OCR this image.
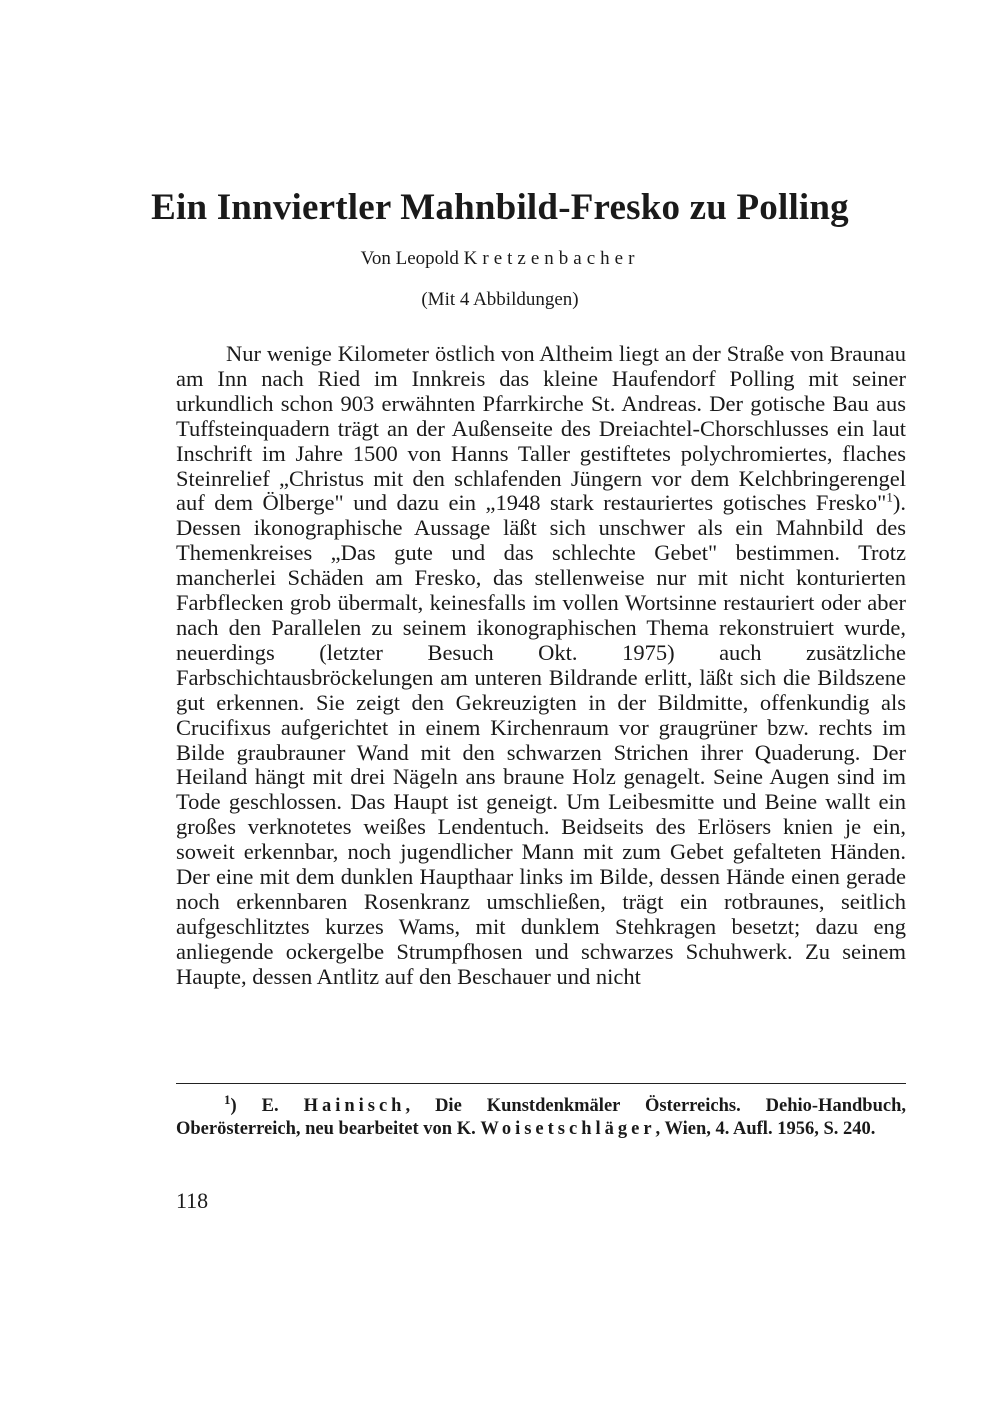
Ein Innviertler Mahnbild-Fresko zu Polling
Von Leopold Kretzenbacher
(Mit 4 Abbildungen)

Nur wenige Kilometer östlich von Altheim liegt an der Straße von Braunau am Inn nach Ried im Innkreis das kleine Haufendorf Polling mit seiner urkundlich schon 903 erwähnten Pfarrkirche St. Andreas. Der gotische Bau aus Tuffsteinquadern trägt an der Außenseite des Dreiachtel-Chorschlusses ein laut Inschrift im Jahre 1500 von Hanns Taller gestiftetes polychromiertes, flaches Steinrelief „Christus mit den schlafenden Jüngern vor dem Kelchbringerengel auf dem Ölberge" und dazu ein „1948 stark restauriertes gotisches Fresko"$^1$). Dessen ikonographische Aussage läßt sich unschwer als ein Mahnbild des Themenkreises „Das gute und das schlechte Gebet" bestimmen. Trotz mancherlei Schäden am Fresko, das stellenweise nur mit nicht konturierten Farbflecken grob übermalt, keinesfalls im vollen Wortsinne restauriert oder aber nach den Parallelen zu seinem ikonographischen Thema rekonstruiert wurde, neuerdings (letzter Besuch Okt. 1975) auch zusätzliche Farbschichtausbröckelungen am unteren Bildrande erlitt, läßt sich die Bildszene gut erkennen. Sie zeigt den Gekreuzigten in der Bildmitte, offenkundig als Crucifixus aufgerichtet in einem Kirchenraum vor graugrüner bzw. rechts im Bilde graubrauner Wand mit den schwarzen Strichen ihrer Quaderung. Der Heiland hängt mit drei Nägeln ans braune Holz genagelt. Seine Augen sind im Tode geschlossen. Das Haupt ist geneigt. Um Leibesmitte und Beine wallt ein großes verknotetes weißes Lendentuch. Beidseits des Erlösers knien je ein, soweit erkennbar, noch jugendlicher Mann mit zum Gebet gefalteten Händen. Der eine mit dem dunklen Haupthaar links im Bilde, dessen Hände einen gerade noch erkennbaren Rosenkranz umschließen, trägt ein rotbraunes, seitlich aufgeschlitztes kurzes Wams, mit dunklem Stehkragen besetzt; dazu eng anliegende ockergelbe Strumpfhosen und schwarzes Schuhwerk. Zu seinem Haupte, dessen Antlitz auf den Beschauer und nicht

$^1$) E. Hainisch, Die Kunstdenkmäler Österreichs. Dehio-Handbuch, Oberösterreich, neu bearbeitet von K. Woisetschläger, Wien, 4. Aufl. 1956, S. 240.

118
